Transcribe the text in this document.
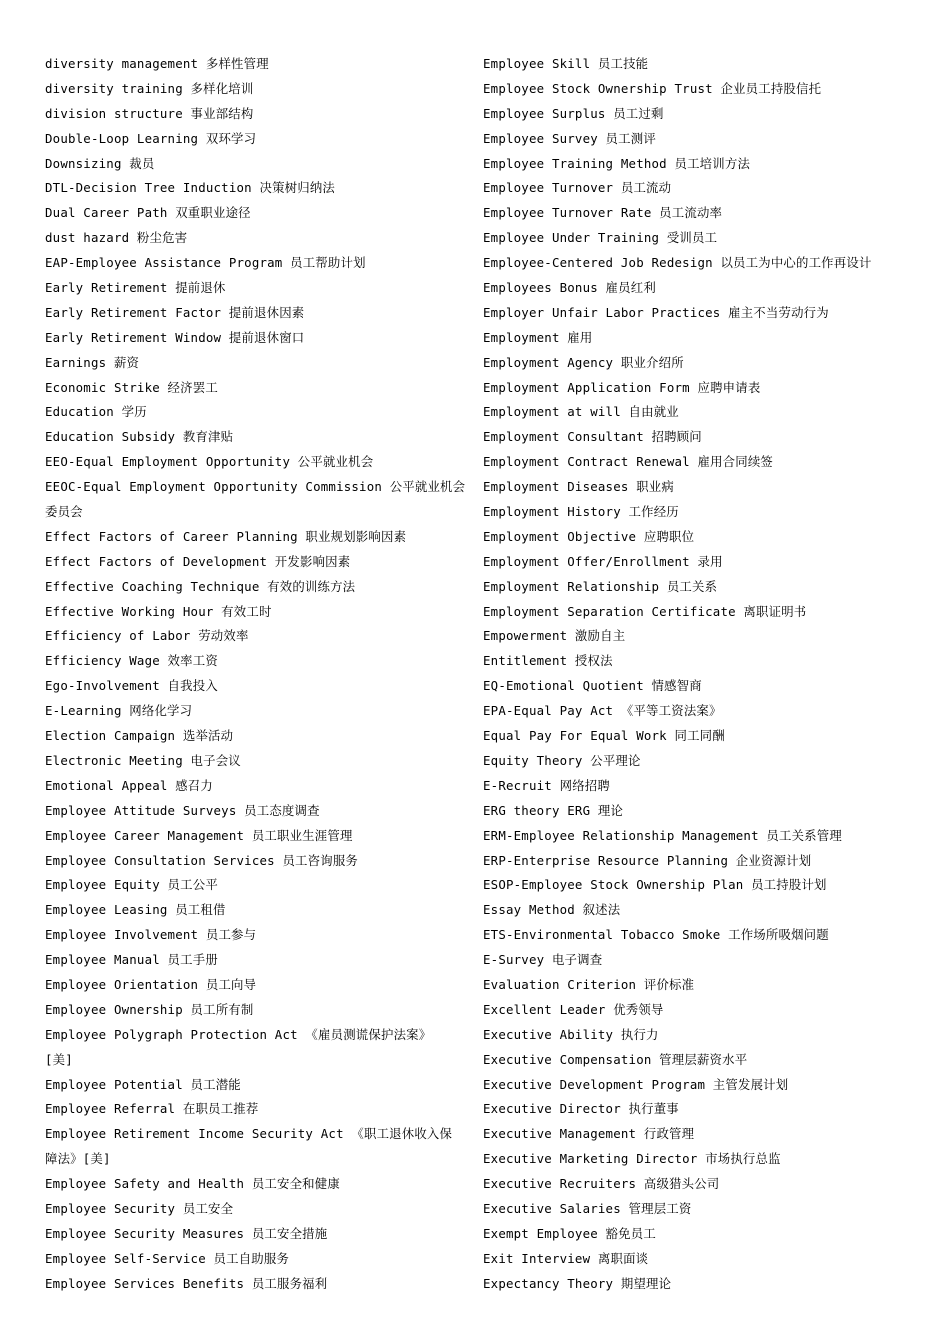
diversity management 多样性管理
diversity training 多样化培训
division structure 事业部结构
Double-Loop Learning 双环学习
Downsizing 裁员
DTL-Decision Tree Induction 决策树归纳法
Dual Career Path 双重职业途径
dust hazard 粉尘危害
EAP-Employee Assistance Program 员工帮助计划
Early Retirement 提前退休
Early Retirement Factor 提前退休因素
Early Retirement Window 提前退休窗口
Earnings 薪资
Economic Strike 经济罢工
Education 学历
Education Subsidy 教育津贴
EEO-Equal Employment Opportunity 公平就业机会
EEOC-Equal Employment Opportunity Commission 公平就业机会
委员会
Effect Factors of Career Planning 职业规划影响因素
Effect Factors of Development 开发影响因素
Effective Coaching Technique 有效的训练方法
Effective Working Hour 有效工时
Efficiency of Labor 劳动效率
Efficiency Wage 效率工资
Ego-Involvement 自我投入
E-Learning 网络化学习
Election Campaign 选举活动
Electronic Meeting 电子会议
Emotional Appeal 感召力
Employee Attitude Surveys 员工态度调查
Employee Career Management 员工职业生涯管理
Employee Consultation Services 员工咨询服务
Employee Equity 员工公平
Employee Leasing 员工租借
Employee Involvement 员工参与
Employee Manual 员工手册
Employee Orientation 员工向导
Employee Ownership 员工所有制
Employee Polygraph Protection Act 《雇员测谎保护法案》
[美]
Employee Potential 员工潜能
Employee Referral 在职员工推荐
Employee Retirement Income Security Act 《职工退休收入保
障法》[美]
Employee Safety and Health 员工安全和健康
Employee Security 员工安全
Employee Security Measures 员工安全措施
Employee Self-Service 员工自助服务
Employee Services Benefits 员工服务福利
Employee Skill 员工技能
Employee Stock Ownership Trust 企业员工持股信托
Employee Surplus 员工过剩
Employee Survey 员工测评
Employee Training Method 员工培训方法
Employee Turnover 员工流动
Employee Turnover Rate 员工流动率
Employee Under Training 受训员工
Employee-Centered Job Redesign 以员工为中心的工作再设计
Employees Bonus 雇员红利
Employer Unfair Labor Practices 雇主不当劳动行为
Employment 雇用
Employment Agency 职业介绍所
Employment Application Form 应聘申请表
Employment at will 自由就业
Employment Consultant 招聘顾问
Employment Contract Renewal 雇用合同续签
Employment Diseases 职业病
Employment History 工作经历
Employment Objective 应聘职位
Employment Offer/Enrollment 录用
Employment Relationship 员工关系
Employment Separation Certificate 离职证明书
Empowerment 激励自主
Entitlement 授权法
EQ-Emotional Quotient 情感智商
EPA-Equal Pay Act 《平等工资法案》
Equal Pay For Equal Work 同工同酬
Equity Theory 公平理论
E-Recruit 网络招聘
ERG theory ERG 理论
ERM-Employee Relationship Management 员工关系管理
ERP-Enterprise Resource Planning 企业资源计划
ESOP-Employee Stock Ownership Plan 员工持股计划
Essay Method 叙述法
ETS-Environmental Tobacco Smoke 工作场所吸烟问题
E-Survey 电子调查
Evaluation Criterion 评价标准
Excellent Leader 优秀领导
Executive Ability 执行力
Executive Compensation 管理层薪资水平
Executive Development Program 主管发展计划
Executive Director 执行董事
Executive Management 行政管理
Executive Marketing Director 市场执行总监
Executive Recruiters 高级猎头公司
Executive Salaries 管理层工资
Exempt Employee 豁免员工
Exit Interview 离职面谈
Expectancy Theory 期望理论
